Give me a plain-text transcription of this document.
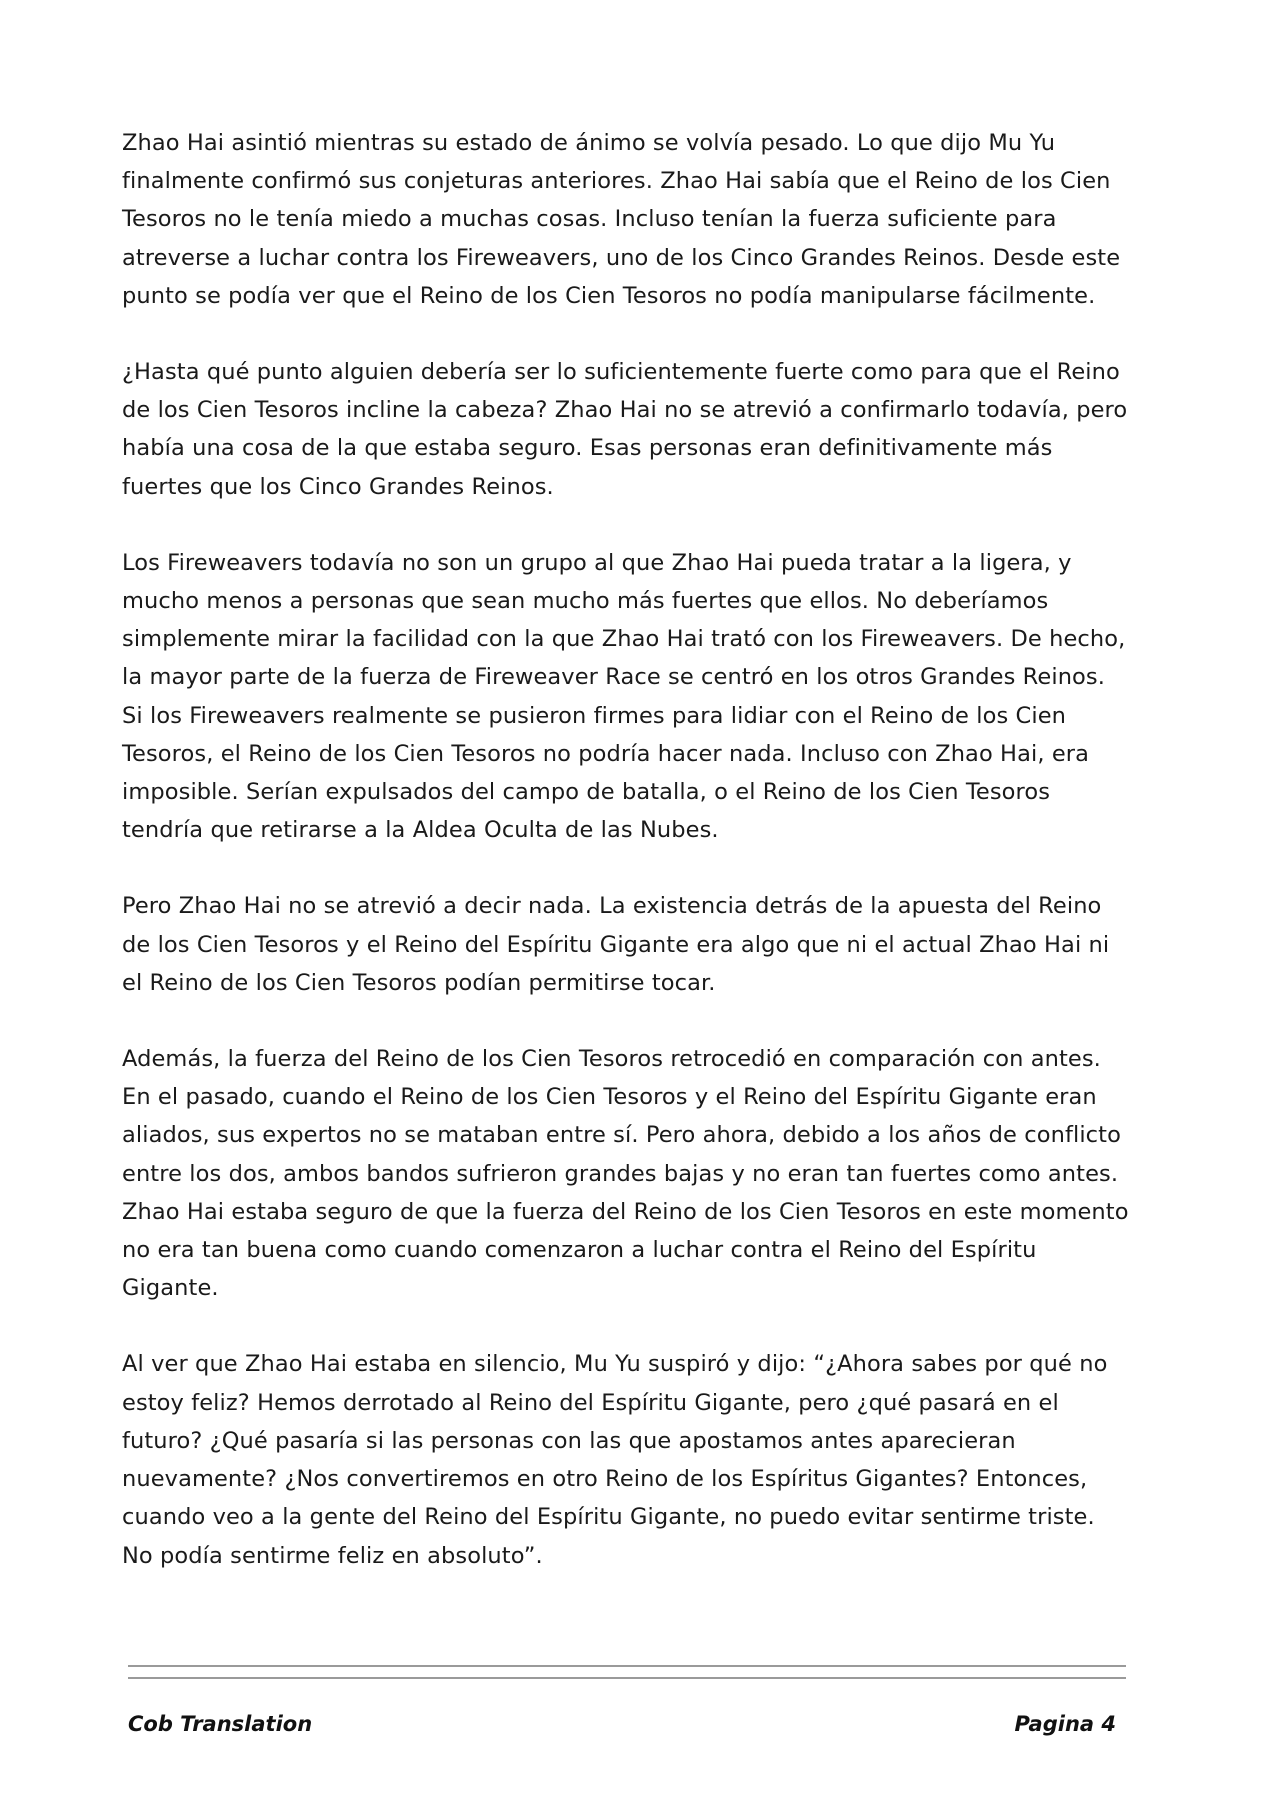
Zhao Hai asintió mientras su estado de ánimo se volvía pesado. Lo que dijo Mu Yu finalmente confirmó sus conjeturas anteriores. Zhao Hai sabía que el Reino de los Cien Tesoros no le tenía miedo a muchas cosas. Incluso tenían la fuerza suficiente para atreverse a luchar contra los Fireweavers, uno de los Cinco Grandes Reinos. Desde este punto se podía ver que el Reino de los Cien Tesoros no podía manipularse fácilmente.

¿Hasta qué punto alguien debería ser lo suficientemente fuerte como para que el Reino de los Cien Tesoros incline la cabeza? Zhao Hai no se atrevió a confirmarlo todavía, pero había una cosa de la que estaba seguro. Esas personas eran definitivamente más fuertes que los Cinco Grandes Reinos.

Los Fireweavers todavía no son un grupo al que Zhao Hai pueda tratar a la ligera, y mucho menos a personas que sean mucho más fuertes que ellos. No deberíamos simplemente mirar la facilidad con la que Zhao Hai trató con los Fireweavers. De hecho, la mayor parte de la fuerza de Fireweaver Race se centró en los otros Grandes Reinos. Si los Fireweavers realmente se pusieron firmes para lidiar con el Reino de los Cien Tesoros, el Reino de los Cien Tesoros no podría hacer nada. Incluso con Zhao Hai, era imposible. Serían expulsados del campo de batalla, o el Reino de los Cien Tesoros tendría que retirarse a la Aldea Oculta de las Nubes.

Pero Zhao Hai no se atrevió a decir nada. La existencia detrás de la apuesta del Reino de los Cien Tesoros y el Reino del Espíritu Gigante era algo que ni el actual Zhao Hai ni el Reino de los Cien Tesoros podían permitirse tocar.

Además, la fuerza del Reino de los Cien Tesoros retrocedió en comparación con antes. En el pasado, cuando el Reino de los Cien Tesoros y el Reino del Espíritu Gigante eran aliados, sus expertos no se mataban entre sí. Pero ahora, debido a los años de conflicto entre los dos, ambos bandos sufrieron grandes bajas y no eran tan fuertes como antes. Zhao Hai estaba seguro de que la fuerza del Reino de los Cien Tesoros en este momento no era tan buena como cuando comenzaron a luchar contra el Reino del Espíritu Gigante.

Al ver que Zhao Hai estaba en silencio, Mu Yu suspiró y dijo: “¿Ahora sabes por qué no estoy feliz? Hemos derrotado al Reino del Espíritu Gigante, pero ¿qué pasará en el futuro? ¿Qué pasaría si las personas con las que apostamos antes aparecieran nuevamente? ¿Nos convertiremos en otro Reino de los Espíritus Gigantes? Entonces, cuando veo a la gente del Reino del Espíritu Gigante, no puedo evitar sentirme triste. No podía sentirme feliz en absoluto”.

Cob Translation	Pagina 4
